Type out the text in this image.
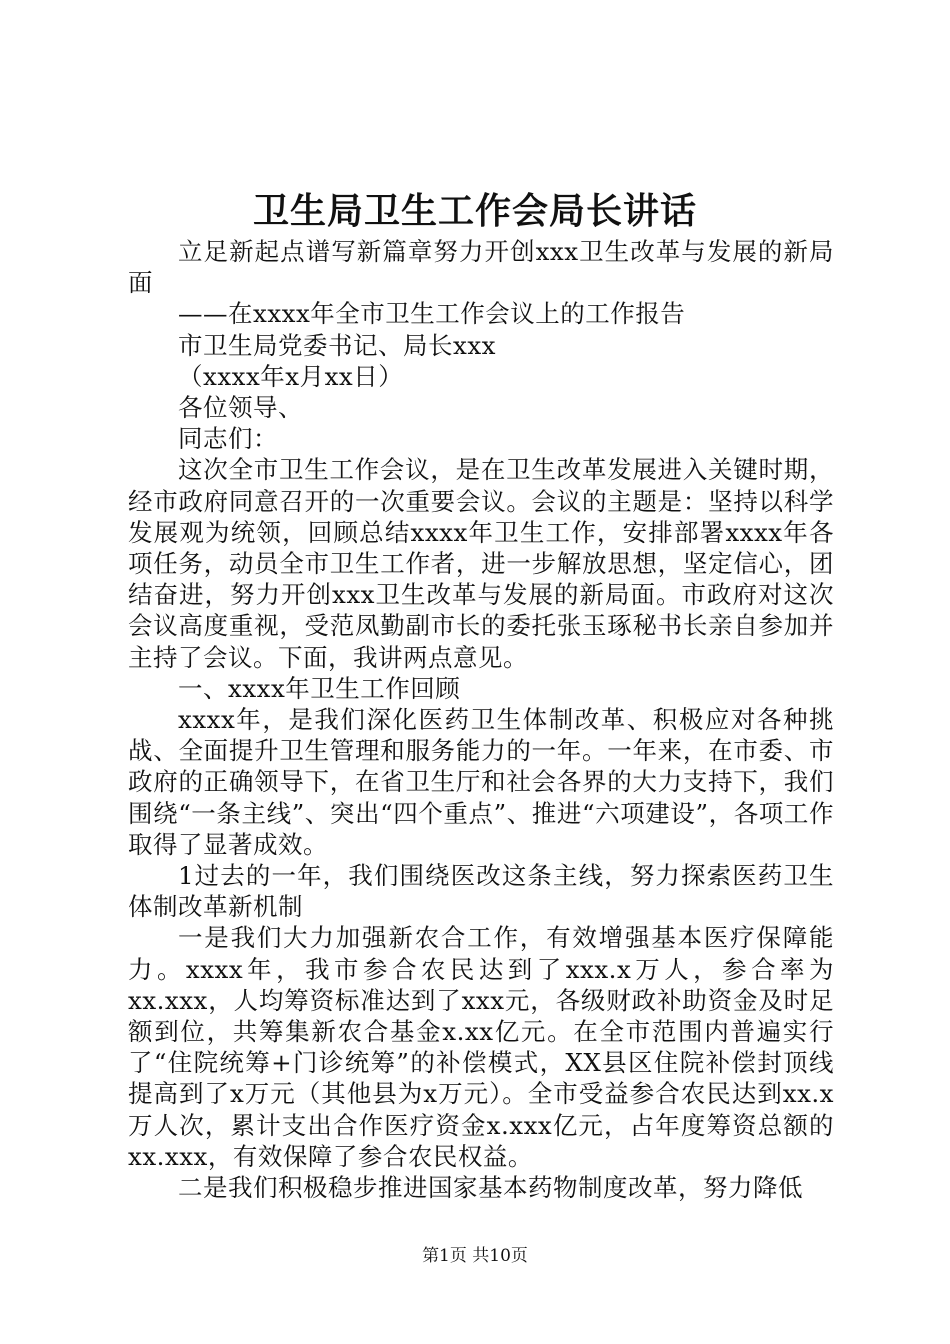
卫生局卫生工作会局长讲话

立足新起点谱写新篇章努力开创xxx卫生改革与发展的新局面

——在xxxx年全市卫生工作会议上的工作报告

市卫生局党委书记、局长xxx

（xxxx年x月xx日）

各位领导、

同志们：

这次全市卫生工作会议，是在卫生改革发展进入关键时期，经市政府同意召开的一次重要会议。会议的主题是：坚持以科学发展观为统领，回顾总结xxxx年卫生工作，安排部署xxxx年各项任务，动员全市卫生工作者，进一步解放思想，坚定信心，团结奋进，努力开创xxx卫生改革与发展的新局面。市政府对这次会议高度重视，受范凤勤副市长的委托张玉琢秘书长亲自参加并主持了会议。下面，我讲两点意见。

一、xxxx年卫生工作回顾

xxxx年，是我们深化医药卫生体制改革、积极应对各种挑战、全面提升卫生管理和服务能力的一年。一年来，在市委、市政府的正确领导下，在省卫生厅和社会各界的大力支持下，我们围绕“一条主线”、突出“四个重点”、推进“六项建设”，各项工作取得了显著成效。

1过去的一年，我们围绕医改这条主线，努力探索医药卫生体制改革新机制

一是我们大力加强新农合工作，有效增强基本医疗保障能力。xxxx年，我市参合农民达到了xxx.x万人，参合率为xx.xxx，人均筹资标准达到了xxx元，各级财政补助资金及时足额到位，共筹集新农合基金x.xx亿元。在全市范围内普遍实行了“住院统筹+门诊统筹”的补偿模式，XX县区住院补偿封顶线提高到了x万元（其他县为x万元）。全市受益参合农民达到xx.x万人次，累计支出合作医疗资金x.xxx亿元，占年度筹资总额的xx.xxx，有效保障了参合农民权益。

二是我们积极稳步推进国家基本药物制度改革，努力降低

第1页 共10页
